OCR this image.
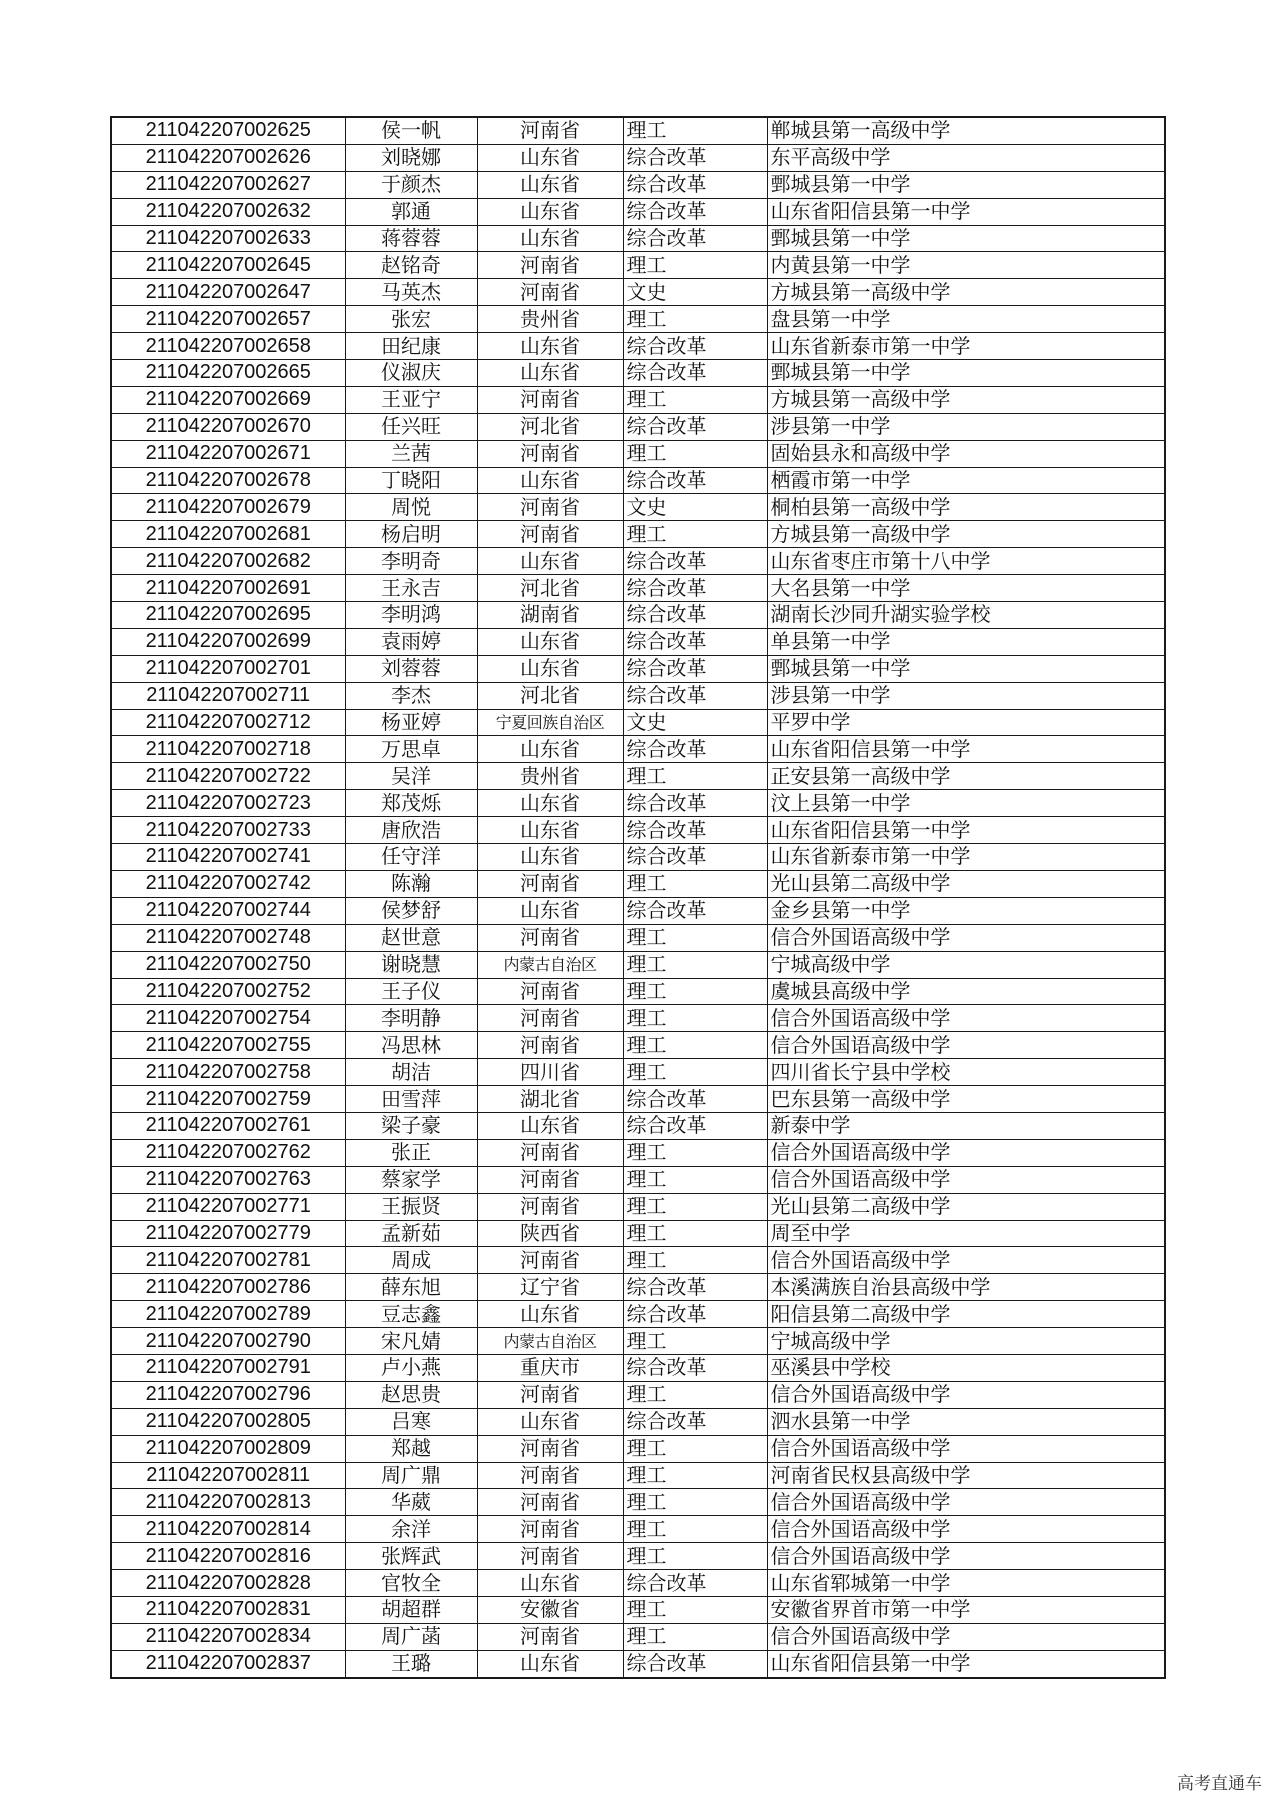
211042207002625	侯一帆	河南省	理工	郸城县第一高级中学
211042207002626	刘晓娜	山东省	综合改革	东平高级中学
211042207002627	于颜杰	山东省	综合改革	鄄城县第一中学
211042207002632	郭通	山东省	综合改革	山东省阳信县第一中学
211042207002633	蒋蓉蓉	山东省	综合改革	鄄城县第一中学
211042207002645	赵铭奇	河南省	理工	内黄县第一中学
211042207002647	马英杰	河南省	文史	方城县第一高级中学
211042207002657	张宏	贵州省	理工	盘县第一中学
211042207002658	田纪康	山东省	综合改革	山东省新泰市第一中学
211042207002665	仪淑庆	山东省	综合改革	鄄城县第一中学
211042207002669	王亚宁	河南省	理工	方城县第一高级中学
211042207002670	任兴旺	河北省	综合改革	涉县第一中学
211042207002671	兰茜	河南省	理工	固始县永和高级中学
211042207002678	丁晓阳	山东省	综合改革	栖霞市第一中学
211042207002679	周悦	河南省	文史	桐柏县第一高级中学
211042207002681	杨启明	河南省	理工	方城县第一高级中学
211042207002682	李明奇	山东省	综合改革	山东省枣庄市第十八中学
211042207002691	王永吉	河北省	综合改革	大名县第一中学
211042207002695	李明鸿	湖南省	综合改革	湖南长沙同升湖实验学校
211042207002699	袁雨婷	山东省	综合改革	单县第一中学
211042207002701	刘蓉蓉	山东省	综合改革	鄄城县第一中学
211042207002711	李杰	河北省	综合改革	涉县第一中学
211042207002712	杨亚婷	宁夏回族自治区	文史	平罗中学
211042207002718	万思卓	山东省	综合改革	山东省阳信县第一中学
211042207002722	吴洋	贵州省	理工	正安县第一高级中学
211042207002723	郑茂烁	山东省	综合改革	汶上县第一中学
211042207002733	唐欣浩	山东省	综合改革	山东省阳信县第一中学
211042207002741	任守洋	山东省	综合改革	山东省新泰市第一中学
211042207002742	陈瀚	河南省	理工	光山县第二高级中学
211042207002744	侯梦舒	山东省	综合改革	金乡县第一中学
211042207002748	赵世意	河南省	理工	信合外国语高级中学
211042207002750	谢晓慧	内蒙古自治区	理工	宁城高级中学
211042207002752	王子仪	河南省	理工	虞城县高级中学
211042207002754	李明静	河南省	理工	信合外国语高级中学
211042207002755	冯思林	河南省	理工	信合外国语高级中学
211042207002758	胡洁	四川省	理工	四川省长宁县中学校
211042207002759	田雪萍	湖北省	综合改革	巴东县第一高级中学
211042207002761	梁子豪	山东省	综合改革	新泰中学
211042207002762	张正	河南省	理工	信合外国语高级中学
211042207002763	蔡家学	河南省	理工	信合外国语高级中学
211042207002771	王振贤	河南省	理工	光山县第二高级中学
211042207002779	孟新茹	陕西省	理工	周至中学
211042207002781	周成	河南省	理工	信合外国语高级中学
211042207002786	薛东旭	辽宁省	综合改革	本溪满族自治县高级中学
211042207002789	豆志鑫	山东省	综合改革	阳信县第二高级中学
211042207002790	宋凡婧	内蒙古自治区	理工	宁城高级中学
211042207002791	卢小燕	重庆市	综合改革	巫溪县中学校
211042207002796	赵思贵	河南省	理工	信合外国语高级中学
211042207002805	吕寒	山东省	综合改革	泗水县第一中学
211042207002809	郑越	河南省	理工	信合外国语高级中学
211042207002811	周广鼎	河南省	理工	河南省民权县高级中学
211042207002813	华葳	河南省	理工	信合外国语高级中学
211042207002814	余洋	河南省	理工	信合外国语高级中学
211042207002816	张辉武	河南省	理工	信合外国语高级中学
211042207002828	官牧全	山东省	综合改革	山东省郓城第一中学
211042207002831	胡超群	安徽省	理工	安徽省界首市第一中学
211042207002834	周广菡	河南省	理工	信合外国语高级中学
211042207002837	王璐	山东省	综合改革	山东省阳信县第一中学
高考直通车
